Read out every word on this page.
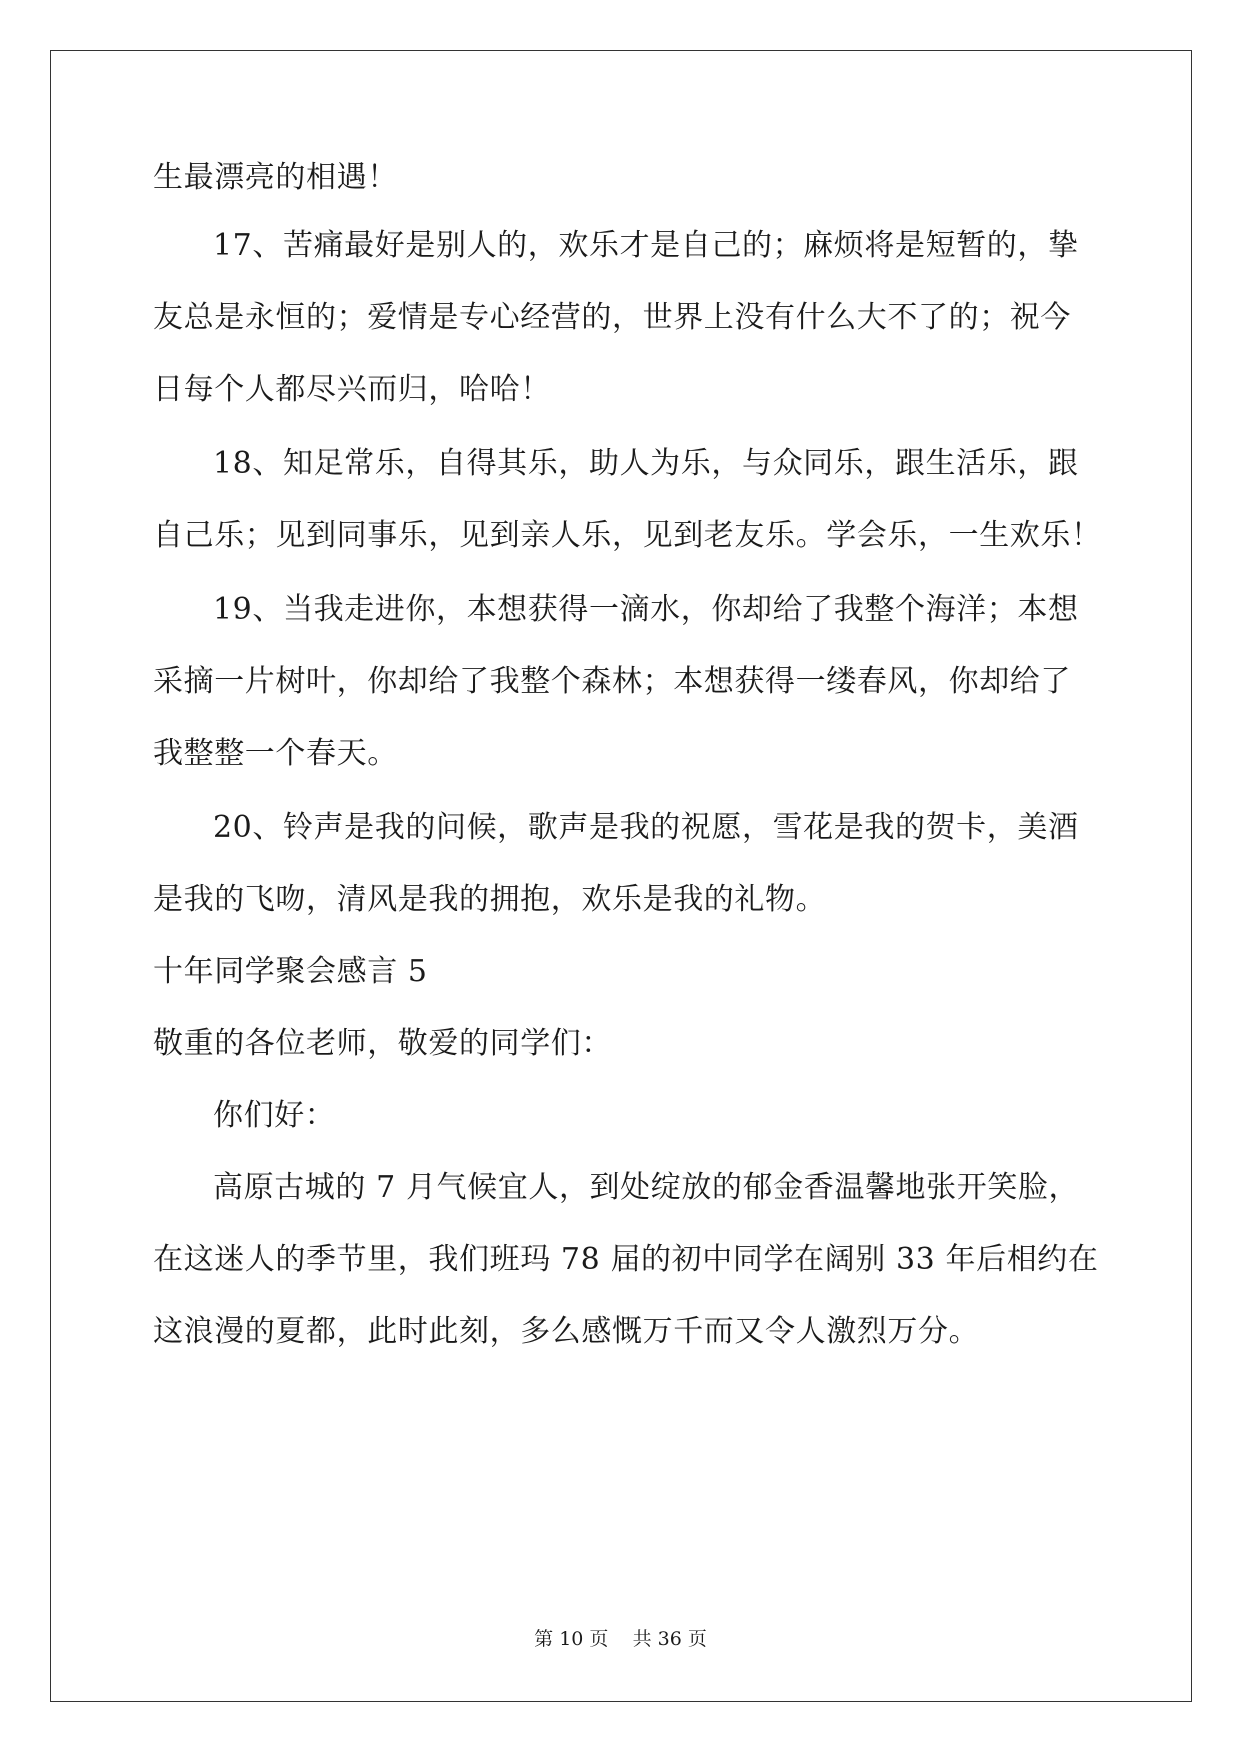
生最漂亮的相遇！
17、苦痛最好是别人的，欢乐才是自己的；麻烦将是短暂的，挚
友总是永恒的；爱情是专心经营的，世界上没有什么大不了的；祝今
日每个人都尽兴而归，哈哈！
18、知足常乐，自得其乐，助人为乐，与众同乐，跟生活乐，跟
自己乐；见到同事乐，见到亲人乐，见到老友乐。学会乐，一生欢乐！
19、当我走进你，本想获得一滴水，你却给了我整个海洋；本想
采摘一片树叶，你却给了我整个森林；本想获得一缕春风，你却给了
我整整一个春天。
20、铃声是我的问候，歌声是我的祝愿，雪花是我的贺卡，美酒
是我的飞吻，清风是我的拥抱，欢乐是我的礼物。
十年同学聚会感言 5
敬重的各位老师，敬爱的同学们：
你们好：
高原古城的 7 月气候宜人，到处绽放的郁金香温馨地张开笑脸，
在这迷人的季节里，我们班玛 78 届的初中同学在阔别 33 年后相约在
这浪漫的夏都，此时此刻，多么感慨万千而又令人激烈万分。
第 10 页    共 36 页
